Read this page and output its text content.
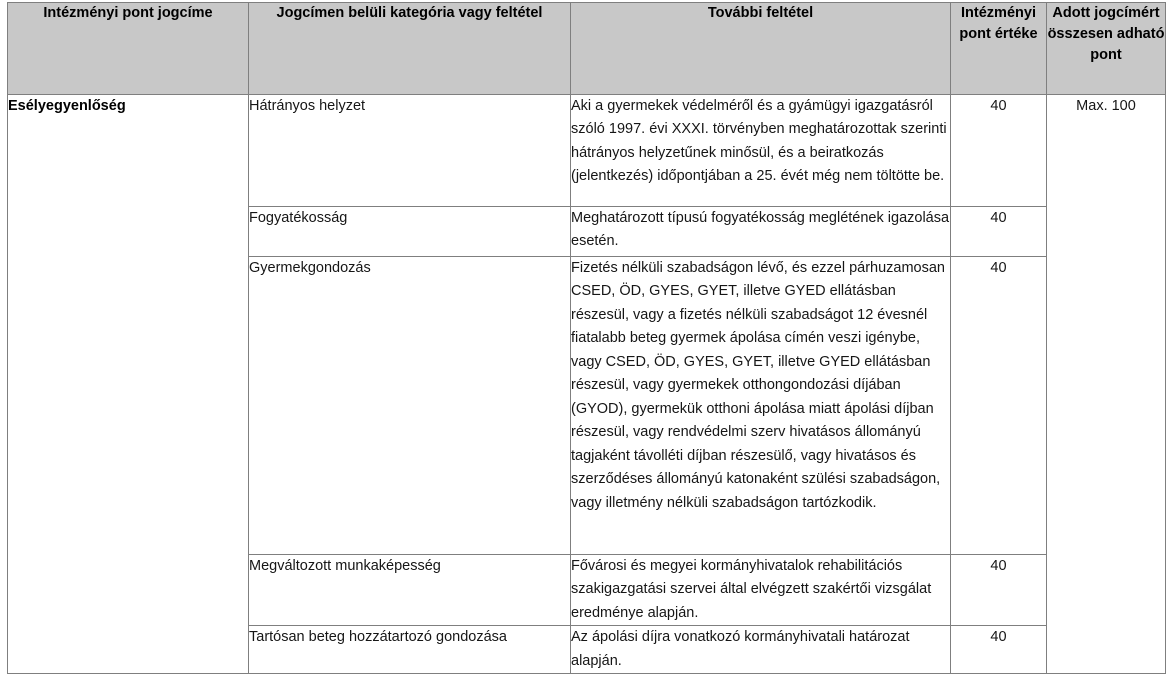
Intézményi pont jogcíme	Jogcímen belüli kategória vagy feltétel	További feltétel	Intézményi pont értéke	Adott jogcímért összesen adható pont

Esélyegyenlőség	Hátrányos helyzet	Aki a gyermekek védelméről és a gyámügyi igazgatásról szóló 1997. évi XXXI. törvényben meghatározottak szerinti hátrányos helyzetűnek minősül, és a beiratkozás (jelentkezés) időpontjában a 25. évét még nem töltötte be.	40	Max. 100

	Fogyatékosság	Meghatározott típusú fogyatékosság meglétének igazolása esetén.	40	

	Gyermekgondozás	Fizetés nélküli szabadságon lévő, és ezzel párhuzamosan CSED, ÖD, GYES, GYET, illetve GYED ellátásban részesül, vagy a fizetés nélküli szabadságot 12 évesnél fiatalabb beteg gyermek ápolása címén veszi igénybe, vagy CSED, ÖD, GYES, GYET, illetve GYED ellátásban részesül, vagy gyermekek otthongondozási díjában (GYOD), gyermekük otthoni ápolása miatt ápolási díjban részesül, vagy rendvédelmi szerv hivatásos állományú tagjaként távolléti díjban részesülő, vagy hivatásos és szerződéses állományú katonaként szülési szabadságon, vagy illetmény nélküli szabadságon tartózkodik.	40	

	Megváltozott munkaképesség	Fővárosi és megyei kormányhivatalok rehabilitációs szakigazgatási szervei által elvégzett szakértői vizsgálat eredménye alapján.	40	

	Tartósan beteg hozzátartozó gondozása	Az ápolási díjra vonatkozó kormányhivatali határozat alapján.	40	
